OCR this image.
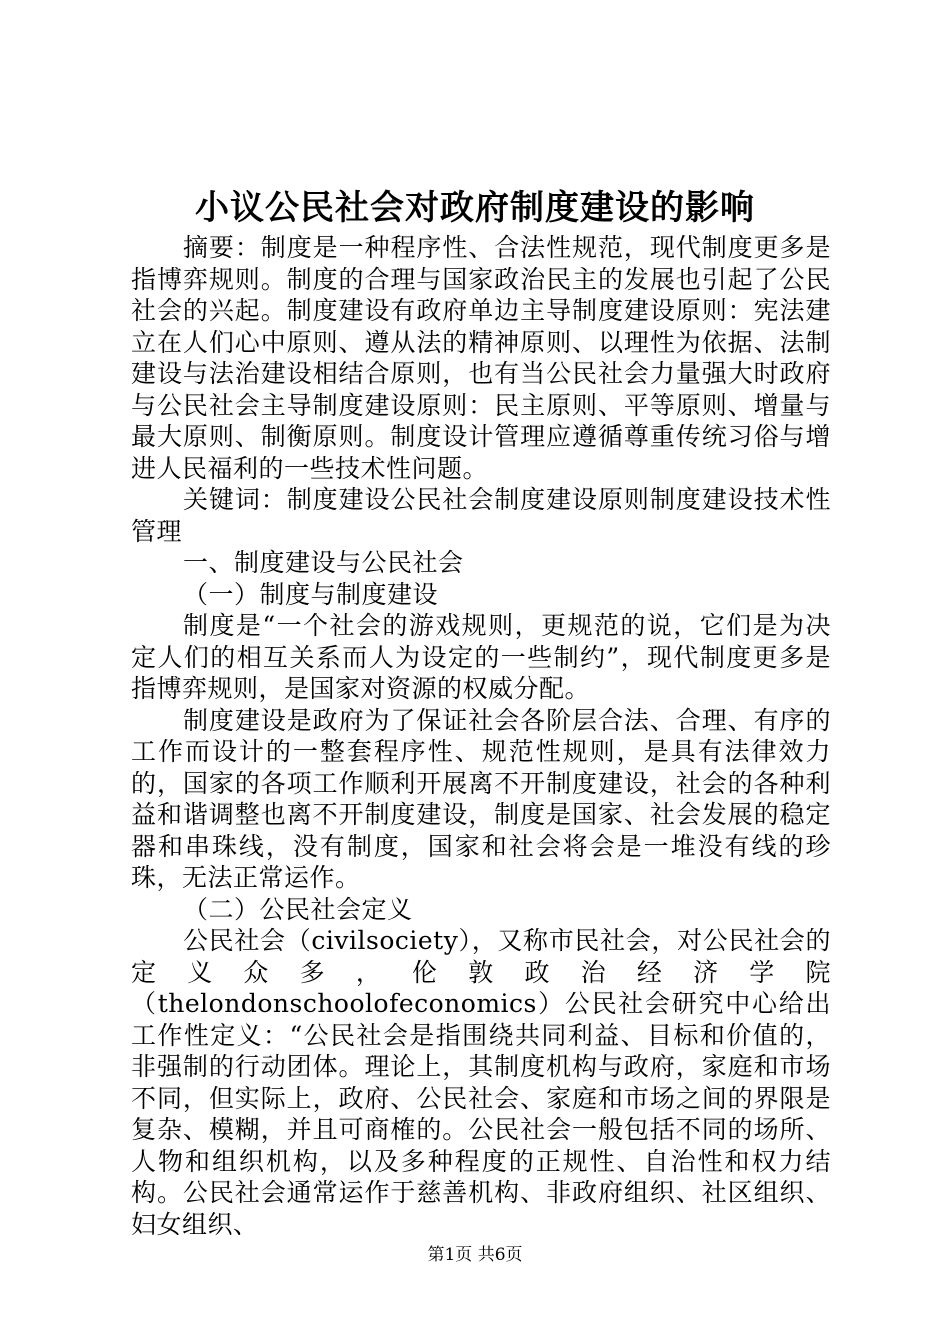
小议公民社会对政府制度建设的影响

摘要：制度是一种程序性、合法性规范，现代制度更多是指博弈规则。制度的合理与国家政治民主的发展也引起了公民社会的兴起。制度建设有政府单边主导制度建设原则：宪法建立在人们心中原则、遵从法的精神原则、以理性为依据、法制建设与法治建设相结合原则，也有当公民社会力量强大时政府与公民社会主导制度建设原则：民主原则、平等原则、增量与最大原则、制衡原则。制度设计管理应遵循尊重传统习俗与增进人民福利的一些技术性问题。

关键词：制度建设公民社会制度建设原则制度建设技术性管理

一、制度建设与公民社会

（一）制度与制度建设

制度是“一个社会的游戏规则，更规范的说，它们是为决定人们的相互关系而人为设定的一些制约”，现代制度更多是指博弈规则，是国家对资源的权威分配。

制度建设是政府为了保证社会各阶层合法、合理、有序的工作而设计的一整套程序性、规范性规则，是具有法律效力的，国家的各项工作顺利开展离不开制度建设，社会的各种利益和谐调整也离不开制度建设，制度是国家、社会发展的稳定器和串珠线，没有制度，国家和社会将会是一堆没有线的珍珠，无法正常运作。

（二）公民社会定义

公民社会（civilsociety），又称市民社会，对公民社会的定义众多，伦敦政治经济学院（thelondonschoolofeconomics）公民社会研究中心给出工作性定义：“公民社会是指围绕共同利益、目标和价值的，非强制的行动团体。理论上，其制度机构与政府，家庭和市场不同，但实际上，政府、公民社会、家庭和市场之间的界限是复杂、模糊，并且可商榷的。公民社会一般包括不同的场所、人物和组织机构，以及多种程度的正规性、自治性和权力结构。公民社会通常运作于慈善机构、非政府组织、社区组织、妇女组织、

第1页 共6页
